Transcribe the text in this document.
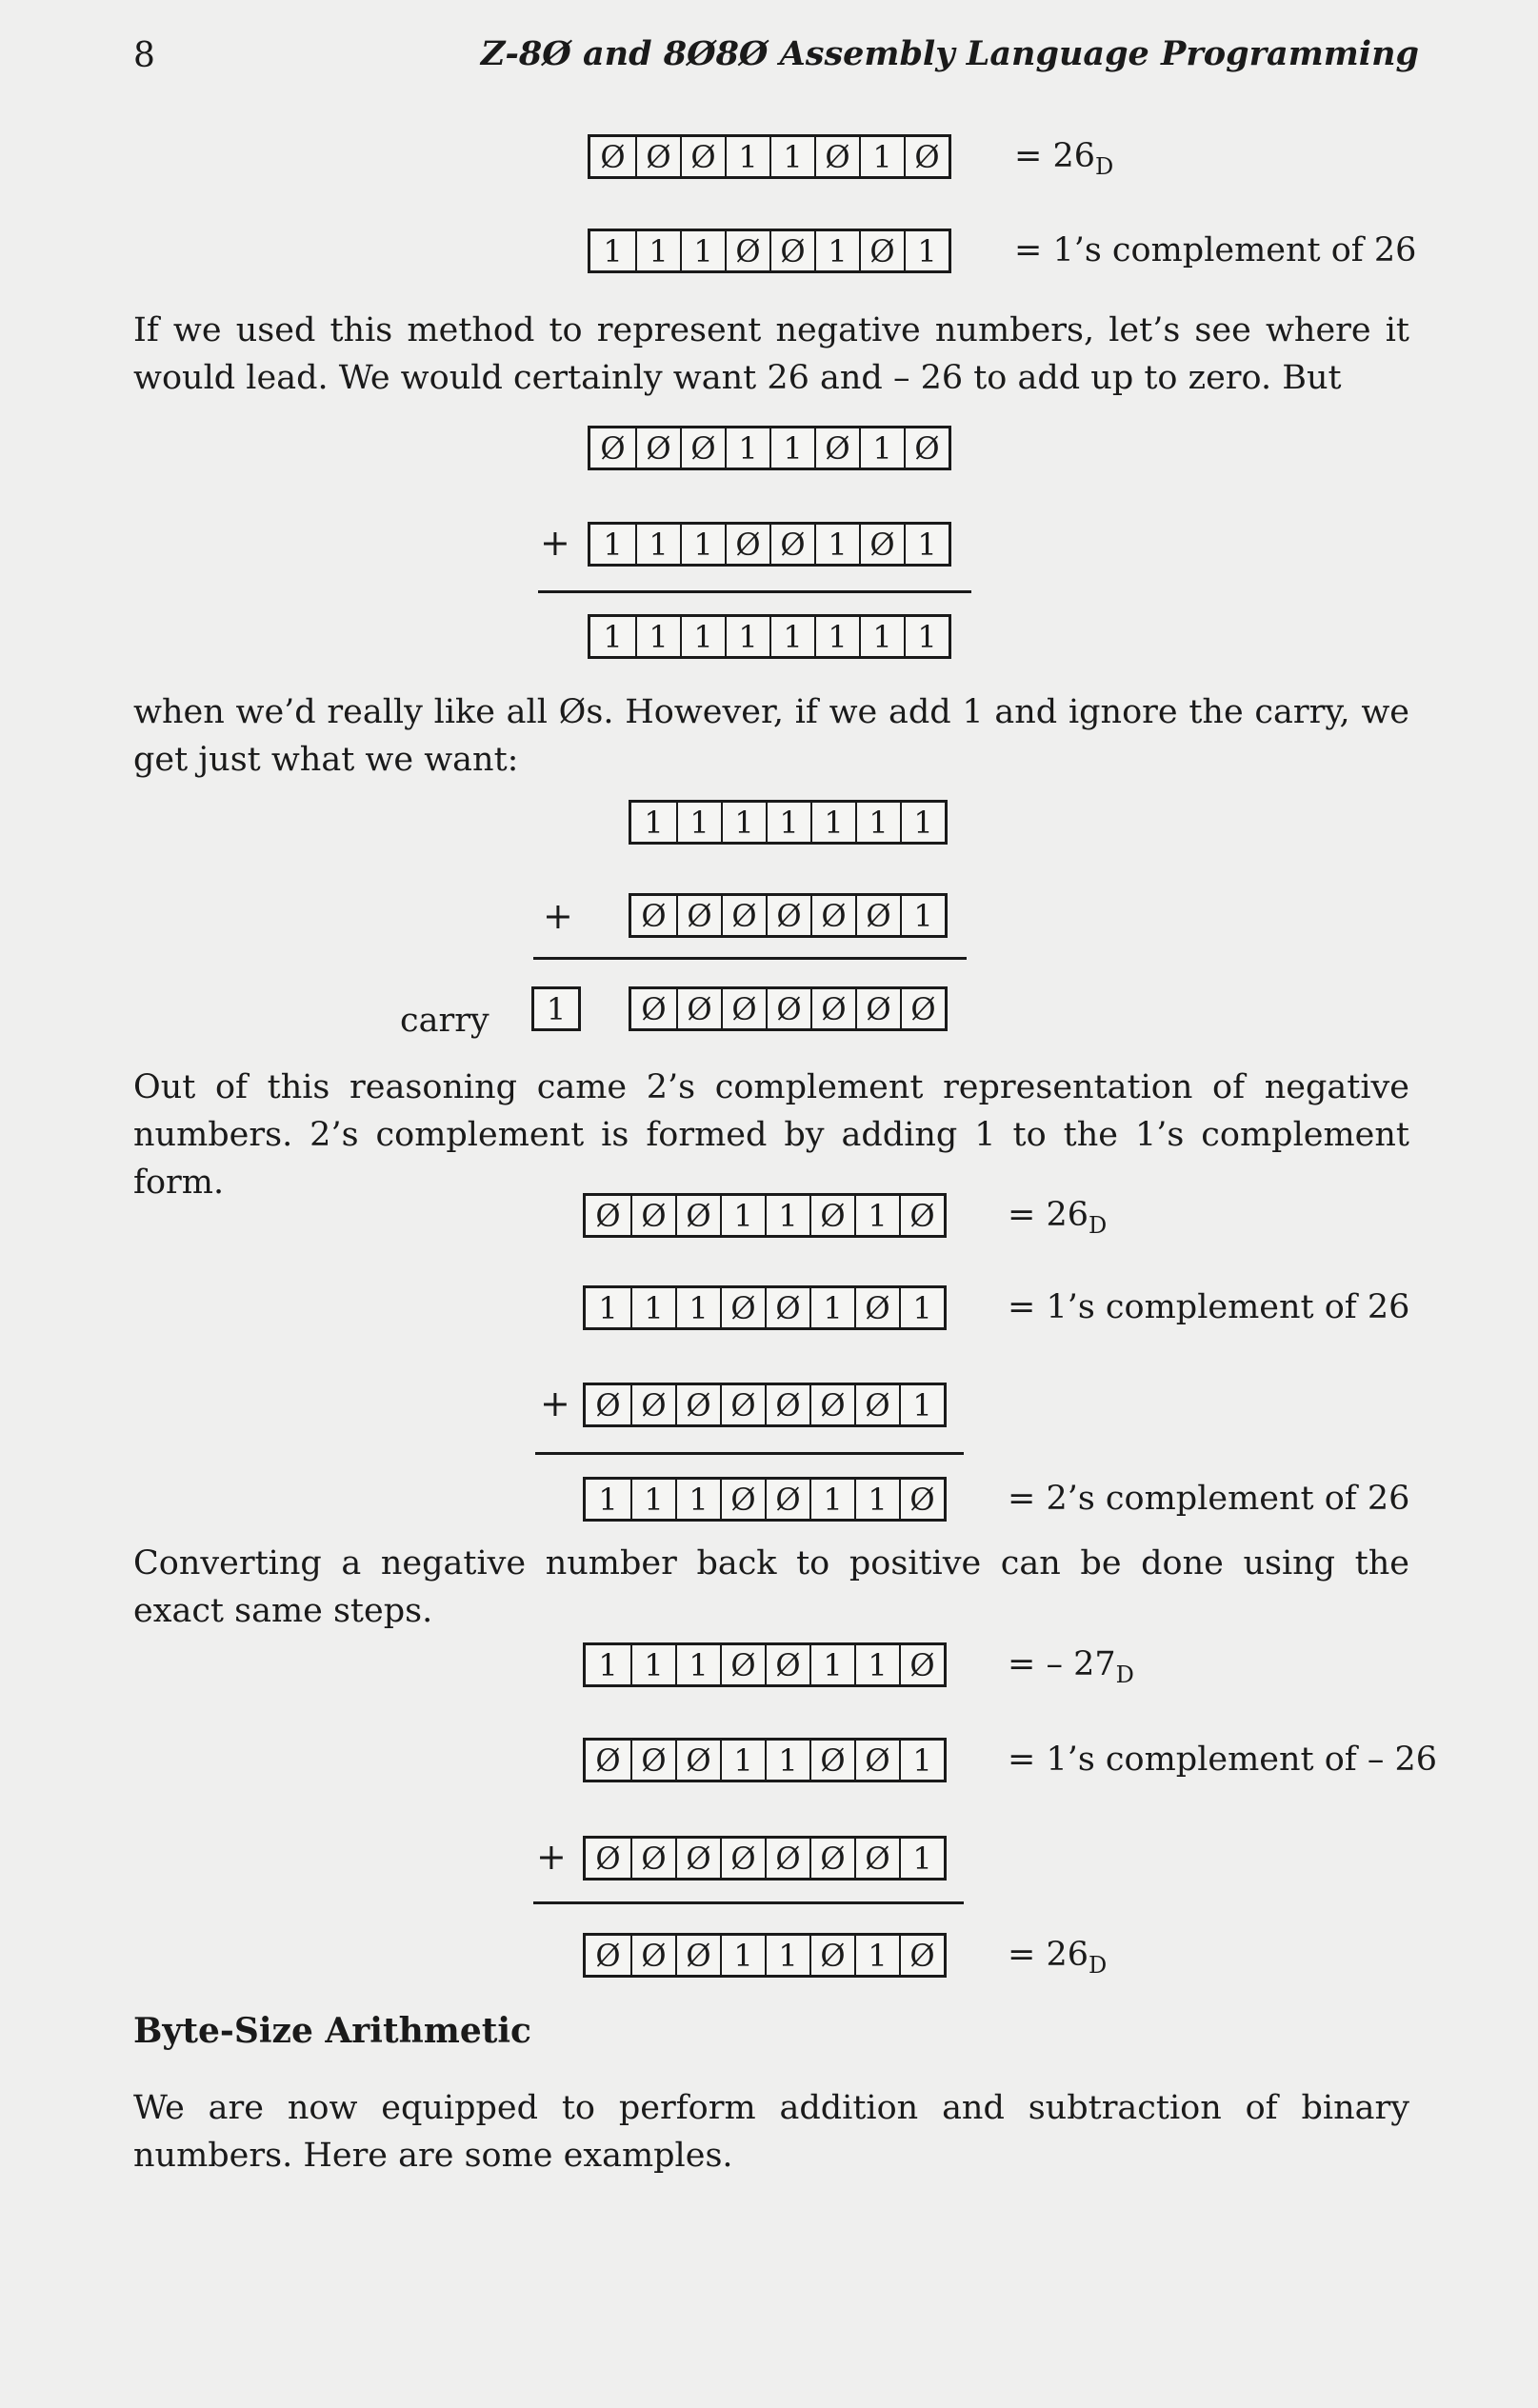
8	Z-8Ø and 8Ø8Ø Assembly Language Programming
Ø Ø Ø 1 1 Ø 1 Ø = $26_D$
1 1 1 Ø Ø 1 Ø 1	= 1’s complement of 26

If we used this method to represent negative numbers, let’s see where it would lead. We would certainly want 26 and – 26 to add up to zero. But

Ø Ø Ø 1 1 Ø 1 Ø
+	1 1 1 Ø Ø 1 Ø 1
1 1 1 1 1 1 1 1

when we’d really like all Øs. However, if we add 1 and ignore the carry, we get just what we want:

1 1 1 1 1 1 1
+	Ø Ø Ø Ø Ø Ø 1
carry	1	Ø Ø Ø Ø Ø Ø Ø

Out of this reasoning came 2’s complement representation of negative numbers. 2’s complement is formed by adding 1 to the 1’s complement form.

Ø Ø Ø 1 1 Ø 1 Ø = $26_D$
1 1 1 Ø Ø 1 Ø 1	= 1’s complement of 26
+ Ø Ø Ø Ø Ø Ø Ø 1
1 1 1 Ø Ø 1 1 Ø = 2’s complement of 26

Converting a negative number back to positive can be done using the exact same steps.

1 1 1 Ø Ø 1 1 Ø = – $27_D$
Ø Ø Ø 1 1 Ø Ø 1	= 1’s complement of – 26
+ Ø Ø Ø Ø Ø Ø Ø 1
Ø Ø Ø 1 1 Ø 1 Ø = $26_D$
Byte-Size Arithmetic

We are now equipped to perform addition and subtraction of binary numbers. Here are some examples.
